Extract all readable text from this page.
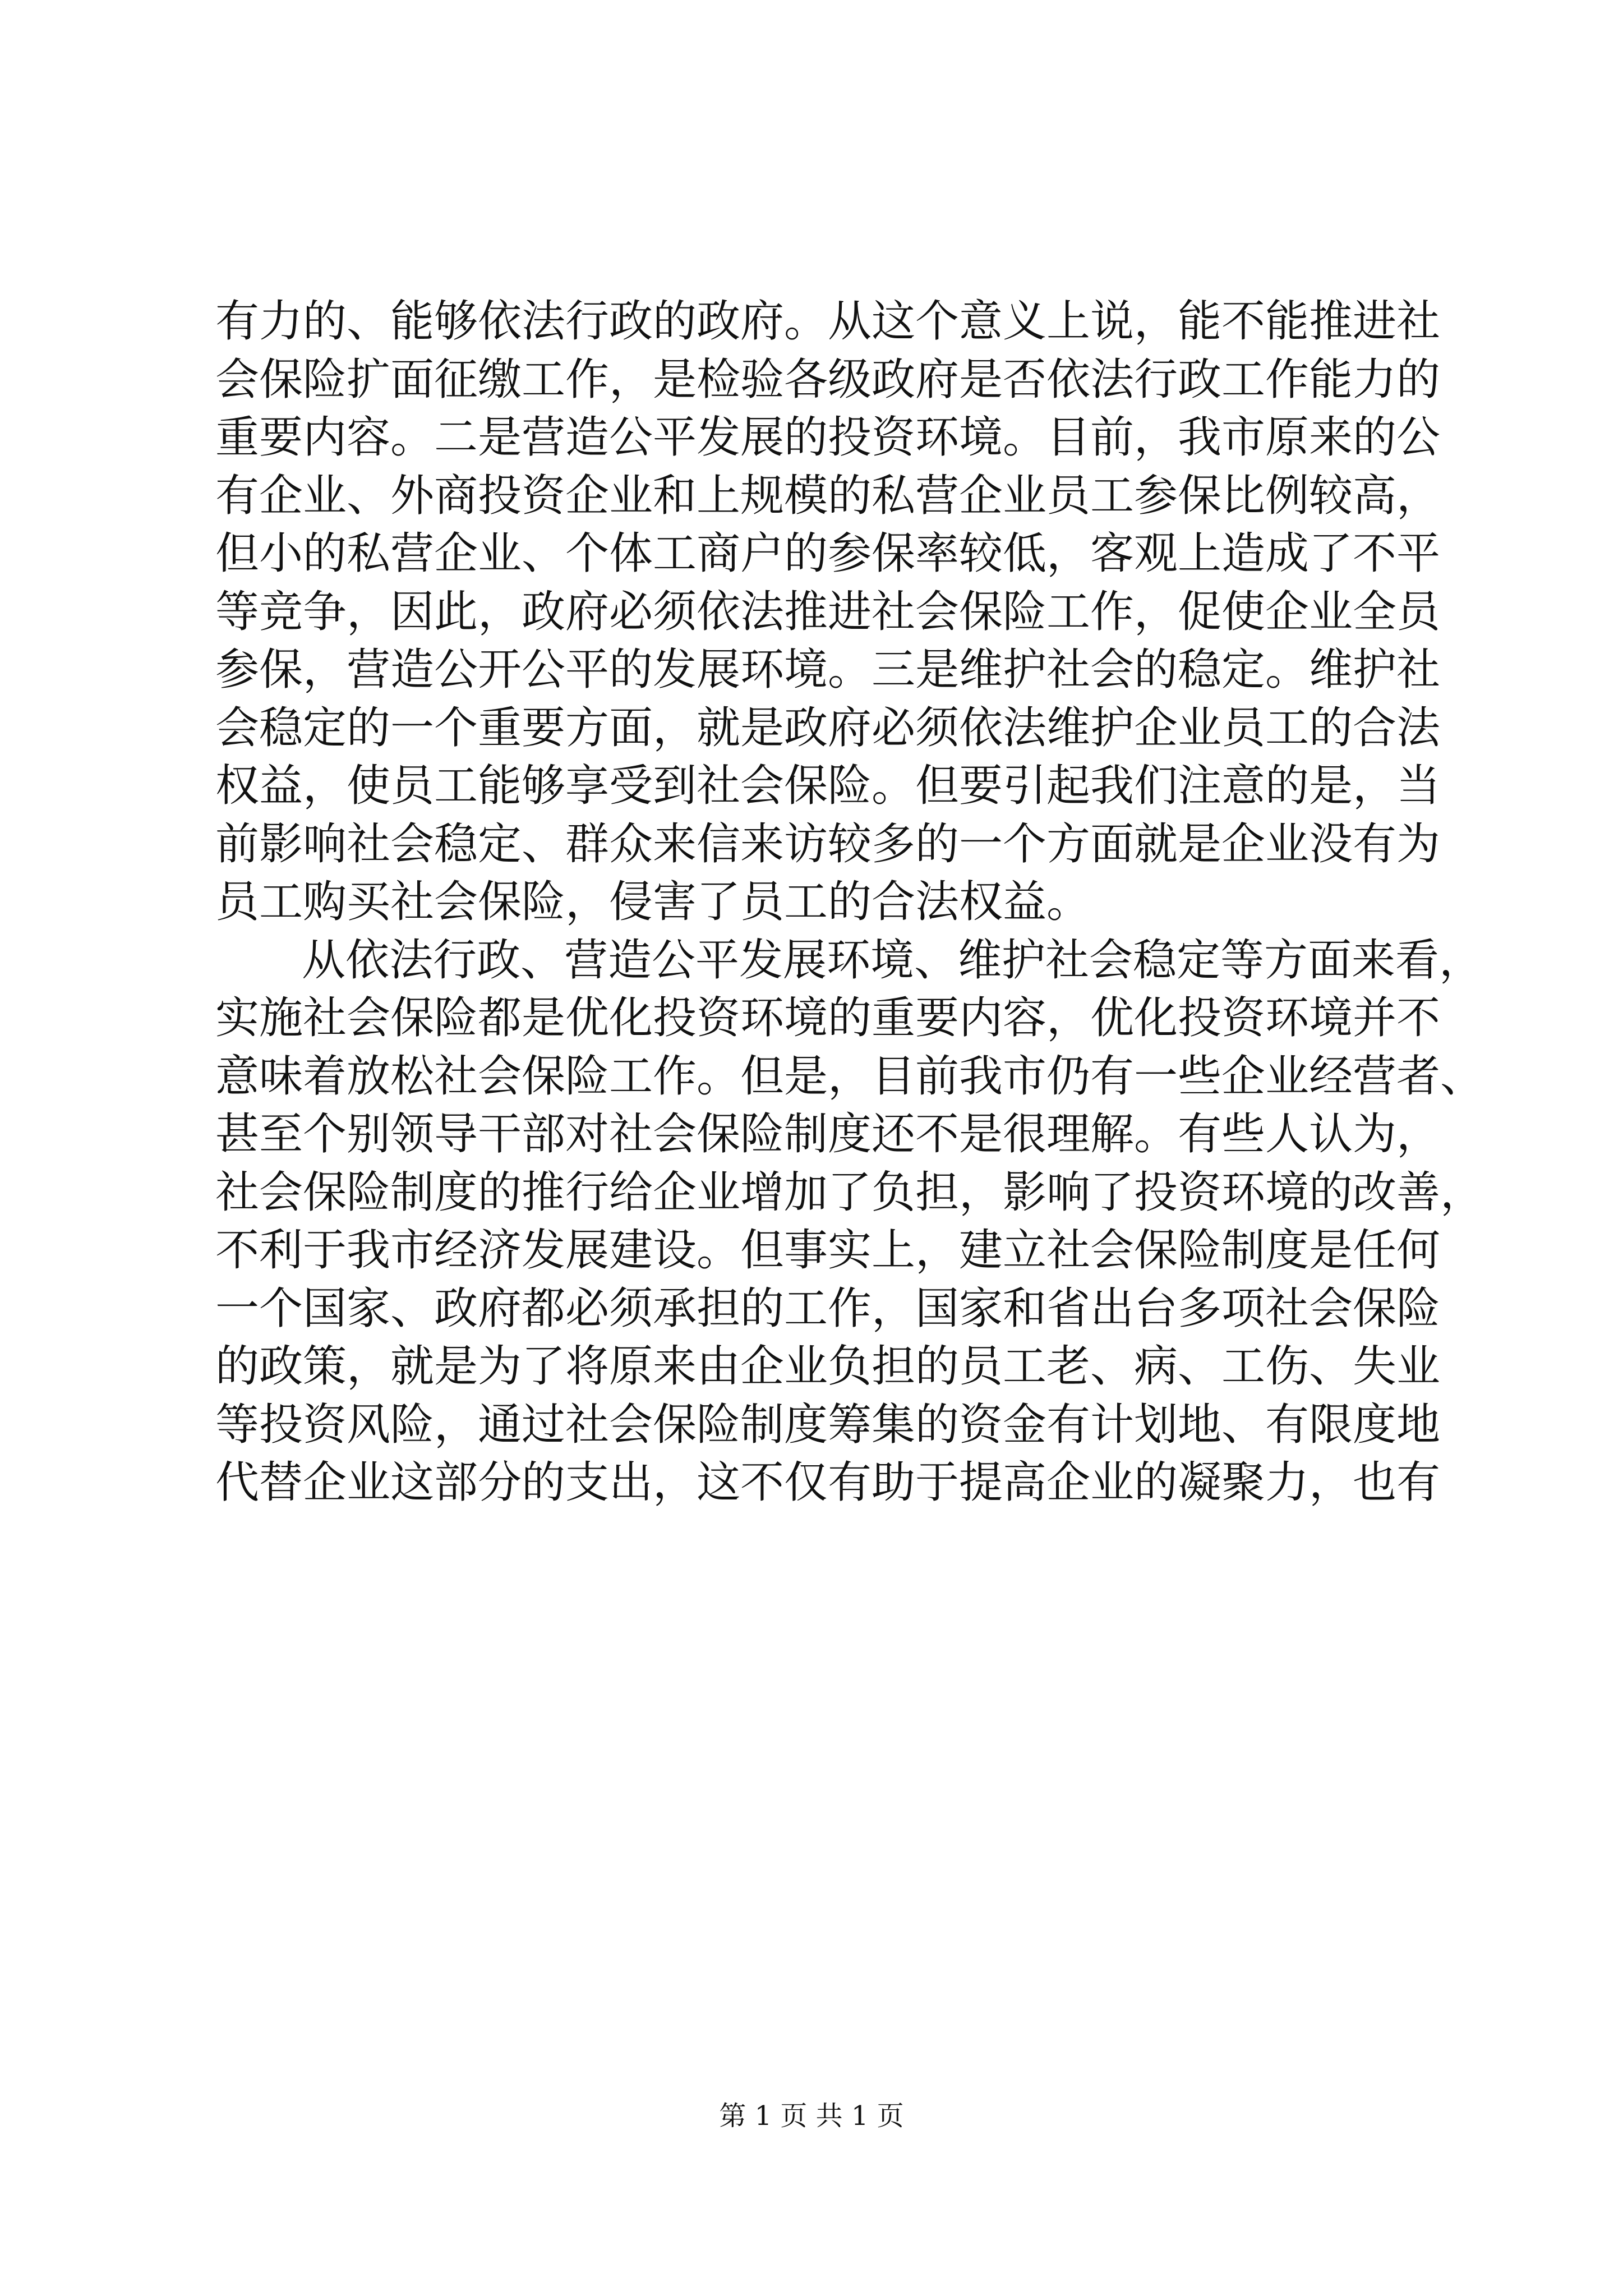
有力的、能够依法行政的政府。从这个意义上说，能不能推进社
会保险扩面征缴工作，是检验各级政府是否依法行政工作能力的
重要内容。二是营造公平发展的投资环境。目前，我市原来的公
有企业、外商投资企业和上规模的私营企业员工参保比例较高，
但小的私营企业、个体工商户的参保率较低，客观上造成了不平
等竞争，因此，政府必须依法推进社会保险工作，促使企业全员
参保，营造公开公平的发展环境。三是维护社会的稳定。维护社
会稳定的一个重要方面，就是政府必须依法维护企业员工的合法
权益，使员工能够享受到社会保险。但要引起我们注意的是，当
前影响社会稳定、群众来信来访较多的一个方面就是企业没有为
员工购买社会保险，侵害了员工的合法权益。
从依法行政、营造公平发展环境、维护社会稳定等方面来看，
实施社会保险都是优化投资环境的重要内容，优化投资环境并不
意味着放松社会保险工作。但是，目前我市仍有一些企业经营者、
甚至个别领导干部对社会保险制度还不是很理解。有些人认为，
社会保险制度的推行给企业增加了负担，影响了投资环境的改善，
不利于我市经济发展建设。但事实上，建立社会保险制度是任何
一个国家、政府都必须承担的工作，国家和省出台多项社会保险
的政策，就是为了将原来由企业负担的员工老、病、工伤、失业
等投资风险，通过社会保险制度筹集的资金有计划地、有限度地
代替企业这部分的支出，这不仅有助于提高企业的凝聚力，也有
第 1 页 共 1 页
